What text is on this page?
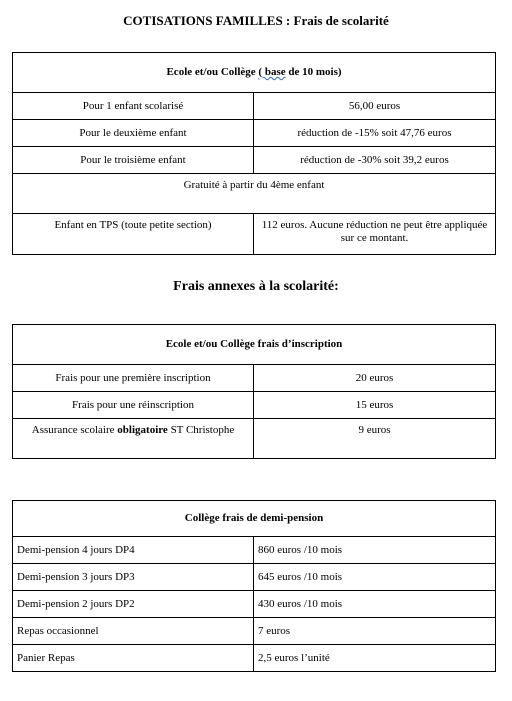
COTISATIONS FAMILLES : Frais de scolarité
Ecole et/ou Collège ( base de 10 mois)	
Pour 1 enfant scolarisé	56,00 euros
Pour le deuxième enfant	réduction de -15% soit 47,76 euros
Pour le troisième enfant	réduction de -30% soit 39,2 euros
Gratuité à partir du 4ème enfant	
Enfant en TPS (toute petite section)	112 euros. Aucune réduction ne peut être appliquée sur ce montant.
Frais annexes à la scolarité:
Ecole et/ou Collège frais d’inscription	
Frais pour une première inscription	20 euros
Frais pour une réinscription	15 euros
Assurance scolaire obligatoire ST Christophe	9 euros
Collège frais de demi-pension	
Demi-pension 4 jours DP4	860 euros /10 mois
Demi-pension 3 jours DP3	645 euros /10 mois
Demi-pension 2 jours DP2	430 euros /10 mois
Repas occasionnel	7 euros
Panier Repas	2,5 euros l’unité
